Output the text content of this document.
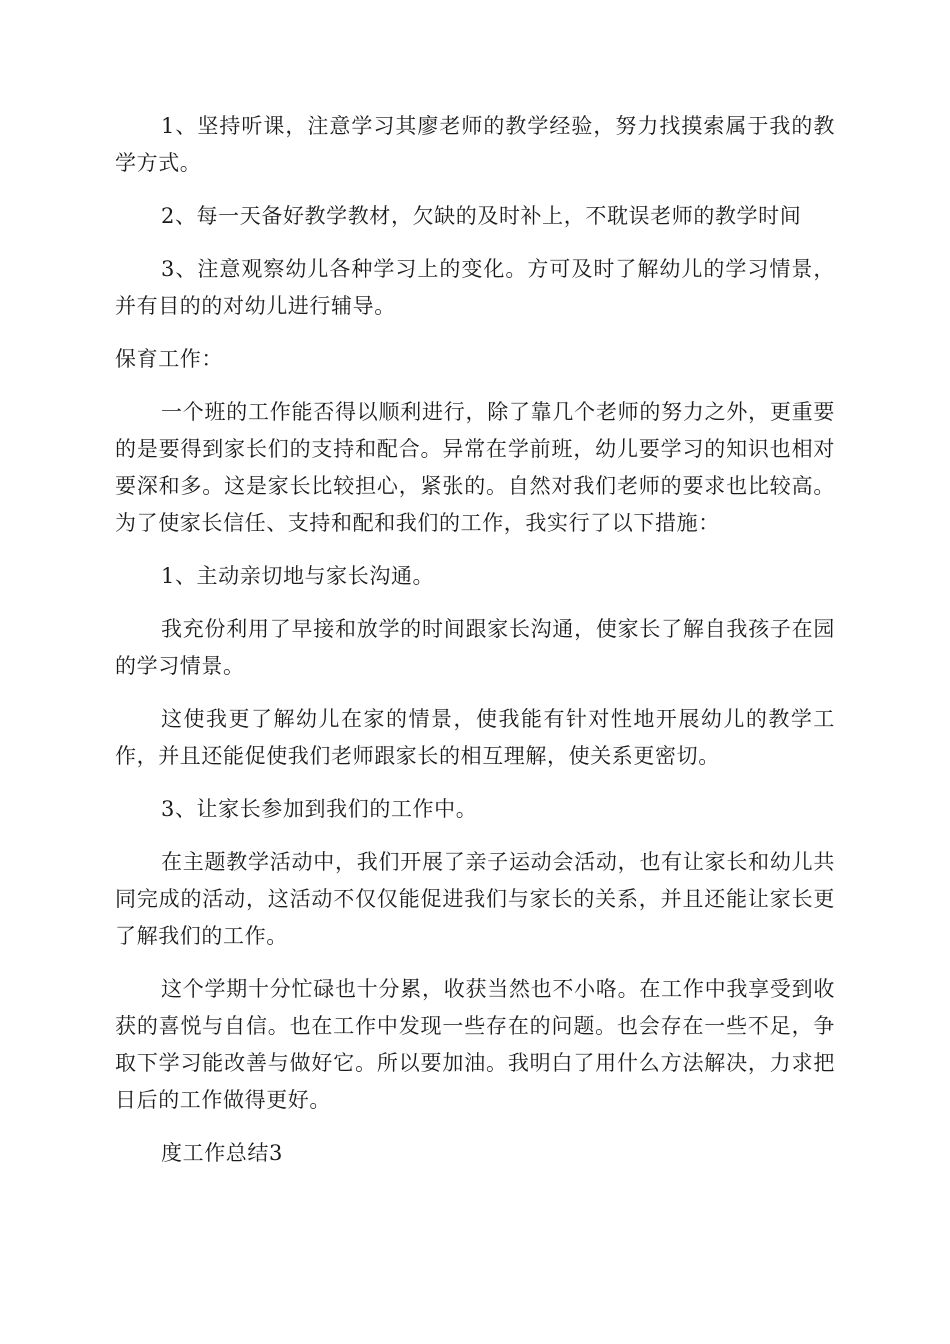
1、坚持听课，注意学习其廖老师的教学经验，努力找摸索属于我的教学方式。

2、每一天备好教学教材，欠缺的及时补上，不耽误老师的教学时间

3、注意观察幼儿各种学习上的变化。方可及时了解幼儿的学习情景，并有目的的对幼儿进行辅导。

保育工作：

一个班的工作能否得以顺利进行，除了靠几个老师的努力之外，更重要的是要得到家长们的支持和配合。异常在学前班，幼儿要学习的知识也相对要深和多。这是家长比较担心，紧张的。自然对我们老师的要求也比较高。为了使家长信任、支持和配和我们的工作，我实行了以下措施：

1、主动亲切地与家长沟通。

我充份利用了早接和放学的时间跟家长沟通，使家长了解自我孩子在园的学习情景。

这使我更了解幼儿在家的情景，使我能有针对性地开展幼儿的教学工作，并且还能促使我们老师跟家长的相互理解，使关系更密切。

3、让家长参加到我们的工作中。

在主题教学活动中，我们开展了亲子运动会活动，也有让家长和幼儿共同完成的活动，这活动不仅仅能促进我们与家长的关系，并且还能让家长更了解我们的工作。

这个学期十分忙碌也十分累，收获当然也不小咯。在工作中我享受到收获的喜悦与自信。也在工作中发现一些存在的问题。也会存在一些不足，争取下学习能改善与做好它。所以要加油。我明白了用什么方法解决，力求把日后的工作做得更好。

度工作总结3
